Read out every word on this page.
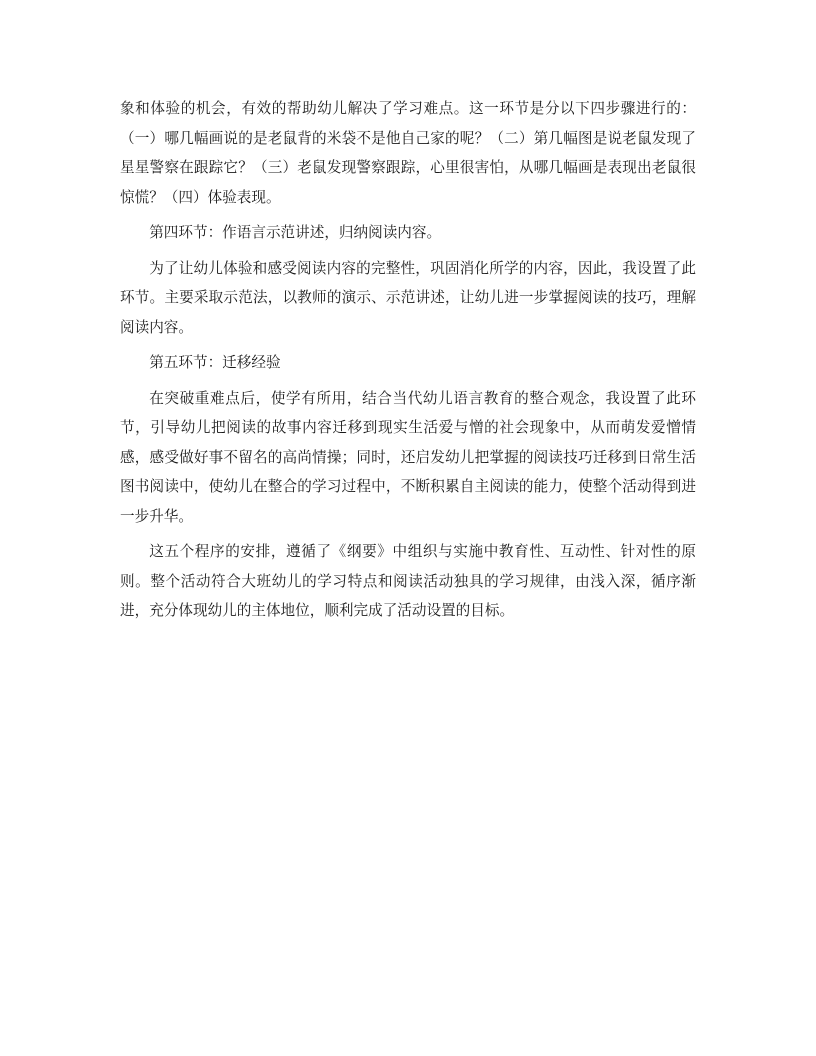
象和体验的机会，有效的帮助幼儿解决了学习难点。这一环节是分以下四步骤进行的：（一）哪几幅画说的是老鼠背的米袋不是他自己家的呢？（二）第几幅图是说老鼠发现了星星警察在跟踪它？（三）老鼠发现警察跟踪，心里很害怕，从哪几幅画是表现出老鼠很惊慌？（四）体验表现。

第四环节：作语言示范讲述，归纳阅读内容。

为了让幼儿体验和感受阅读内容的完整性，巩固消化所学的内容，因此，我设置了此环节。主要采取示范法，以教师的演示、示范讲述，让幼儿进一步掌握阅读的技巧，理解阅读内容。

第五环节：迁移经验

在突破重难点后，使学有所用，结合当代幼儿语言教育的整合观念，我设置了此环节，引导幼儿把阅读的故事内容迁移到现实生活爱与憎的社会现象中，从而萌发爱憎情感，感受做好事不留名的高尚情操；同时，还启发幼儿把掌握的阅读技巧迁移到日常生活图书阅读中，使幼儿在整合的学习过程中，不断积累自主阅读的能力，使整个活动得到进一步升华。

这五个程序的安排，遵循了《纲要》中组织与实施中教育性、互动性、针对性的原则。整个活动符合大班幼儿的学习特点和阅读活动独具的学习规律，由浅入深，循序渐进，充分体现幼儿的主体地位，顺利完成了活动设置的目标。
